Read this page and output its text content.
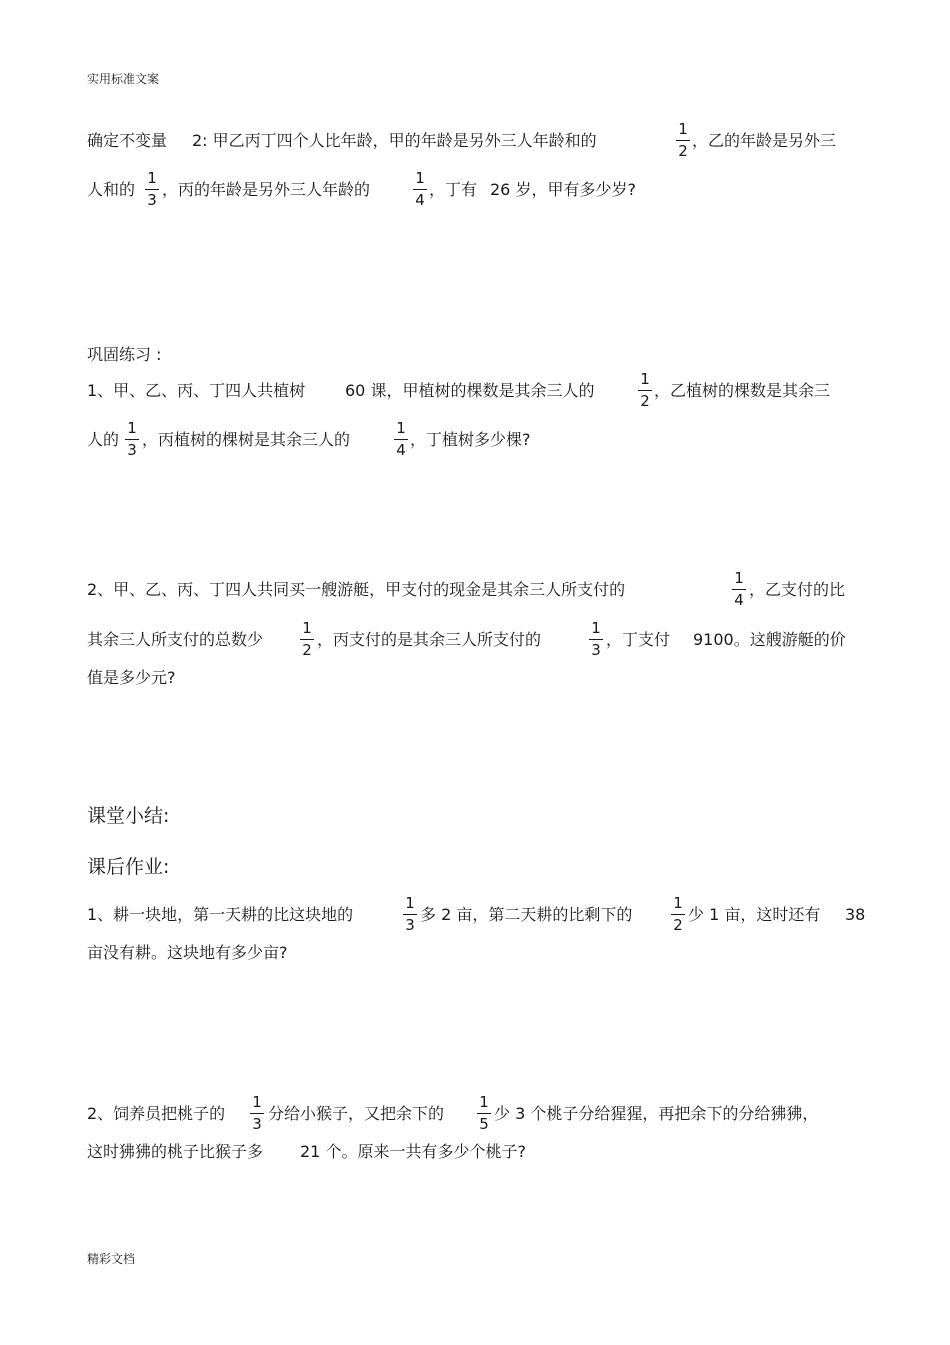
实用标准文案
确定不变量 2: 甲乙丙丁四个人比年龄，甲的年龄是另外三人年龄和的
1
2
，乙的年龄是另外三
人和的
1
3
，丙的年龄是另外三人年龄的
1
4
，丁有 26 岁，甲有多少岁?
巩固练习 :
1、甲、乙、丙、丁四人共植树 60 课，甲植树的棵数是其余三人的
1
2
，乙植树的棵数是其余三
人的
1
3
，丙植树的棵树是其余三人的
1
4
，丁植树多少棵?
2、甲、乙、丙、丁四人共同买一艘游艇，甲支付的现金是其余三人所支付的
1
4
，乙支付的比
其余三人所支付的总数少
1
2
，丙支付的是其余三人所支付的
1
3
，丁支付 9100。这艘游艇的价
值是多少元?
课堂小结:
课后作业:
1、耕一块地，第一天耕的比这块地的
1
3
多 2 亩，第二天耕的比剩下的
1
2
少 1 亩，这时还有 38
亩没有耕。这块地有多少亩?
2、饲养员把桃子的
1
3
分给小猴子，又把余下的
1
5
少 3 个桃子分给猩猩，再把余下的分给狒狒，
这时狒狒的桃子比猴子多 21 个。原来一共有多少个桃子?
精彩文档
